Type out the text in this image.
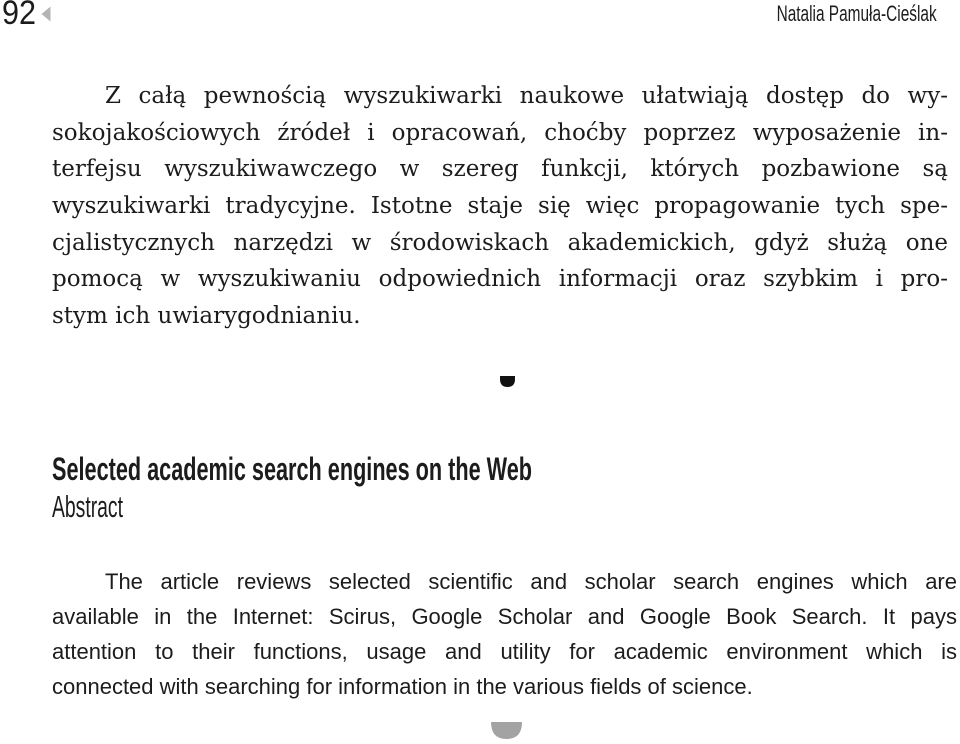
92	Natalia Pamuła-Cieślak
Z całą pewnością wyszukiwarki naukowe ułatwiają dostęp do wy-
sokojakościowych źródeł i opracowań, choćby poprzez wyposażenie in-
terfejsu wyszukiwawczego w szereg funkcji, których pozbawione są
wyszukiwarki tradycyjne. Istotne staje się więc propagowanie tych spe-
cjalistycznych narzędzi w środowiskach akademickich, gdyż służą one
pomocą w wyszukiwaniu odpowiednich informacji oraz szybkim i pro-
stym ich uwiarygodnianiu.
Selected academic search engines on the Web
Abstract
The article reviews selected scientific and scholar search engines which are
available in the Internet: Scirus, Google Scholar and Google Book Search. It pays
attention to their functions, usage and utility for academic environment which is
connected with searching for information in the various fields of science.
